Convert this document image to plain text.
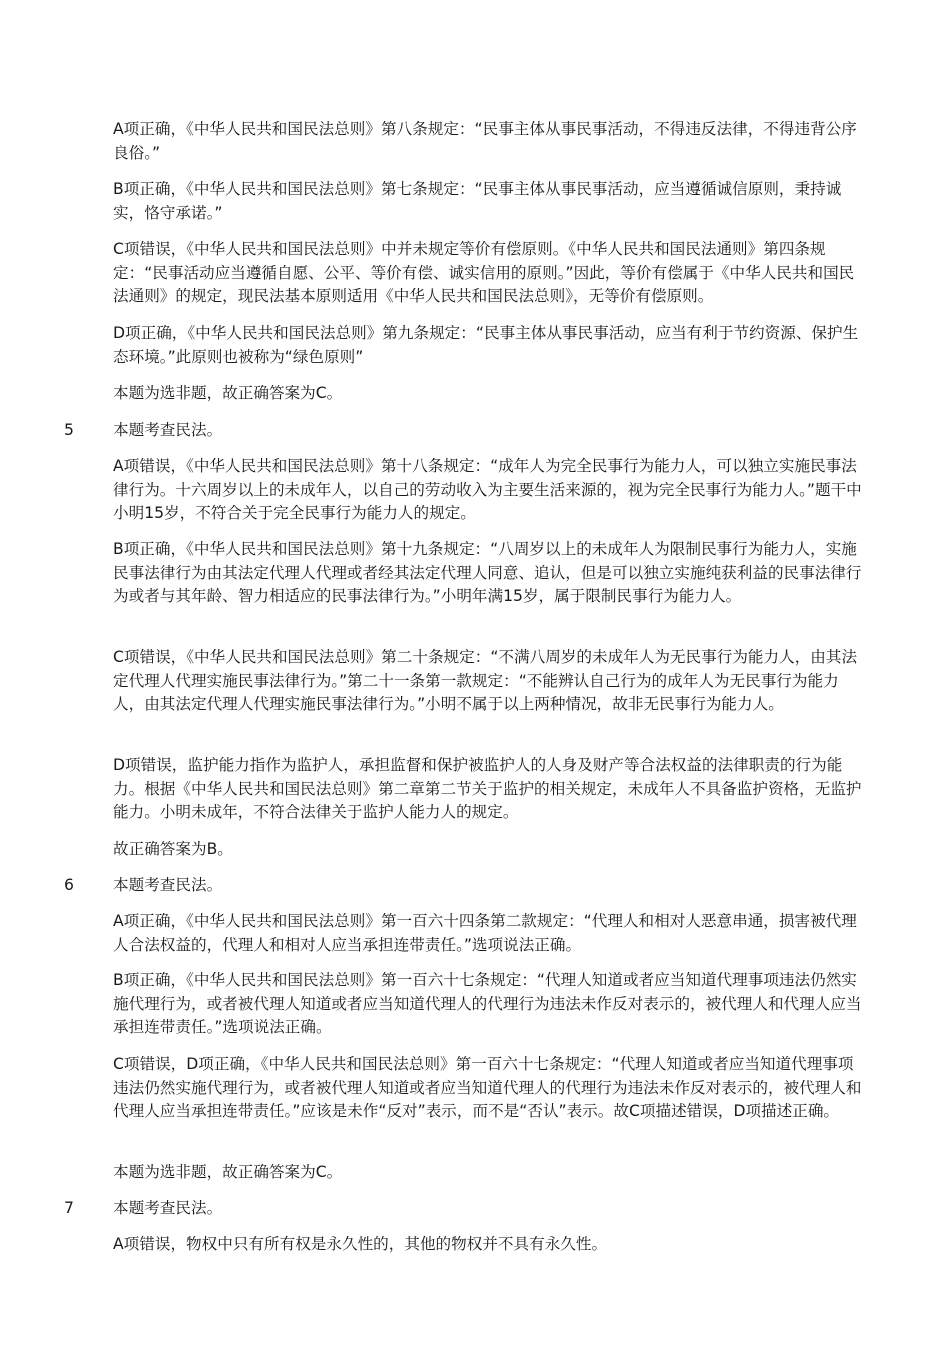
A项正确，《中华人民共和国民法总则》第八条规定：“民事主体从事民事活动，不得违反法律，不得违背公序良俗。”

B项正确，《中华人民共和国民法总则》第七条规定：“民事主体从事民事活动，应当遵循诚信原则，秉持诚实，恪守承诺。”

C项错误，《中华人民共和国民法总则》中并未规定等价有偿原则。《中华人民共和国民法通则》第四条规定：“民事活动应当遵循自愿、公平、等价有偿、诚实信用的原则。”因此，等价有偿属于《中华人民共和国民法通则》的规定，现民法基本原则适用《中华人民共和国民法总则》，无等价有偿原则。

D项正确，《中华人民共和国民法总则》第九条规定：“民事主体从事民事活动，应当有利于节约资源、保护生态环境。”此原则也被称为“绿色原则”

本题为选非题，故正确答案为C。

5	本题考查民法。

A项错误，《中华人民共和国民法总则》第十八条规定：“成年人为完全民事行为能力人，可以独立实施民事法律行为。十六周岁以上的未成年人，以自己的劳动收入为主要生活来源的，视为完全民事行为能力人。”题干中小明15岁，不符合关于完全民事行为能力人的规定。

B项正确，《中华人民共和国民法总则》第十九条规定：“八周岁以上的未成年人为限制民事行为能力人，实施民事法律行为由其法定代理人代理或者经其法定代理人同意、追认，但是可以独立实施纯获利益的民事法律行为或者与其年龄、智力相适应的民事法律行为。”小明年满15岁，属于限制民事行为能力人。

C项错误，《中华人民共和国民法总则》第二十条规定：“不满八周岁的未成年人为无民事行为能力人，由其法定代理人代理实施民事法律行为。”第二十一条第一款规定：“不能辨认自己行为的成年人为无民事行为能力人，由其法定代理人代理实施民事法律行为。”小明不属于以上两种情况，故非无民事行为能力人。

D项错误，监护能力指作为监护人，承担监督和保护被监护人的人身及财产等合法权益的法律职责的行为能力。根据《中华人民共和国民法总则》第二章第二节关于监护的相关规定，未成年人不具备监护资格，无监护能力。小明未成年，不符合法律关于监护人能力人的规定。

故正确答案为B。

6	本题考查民法。

A项正确，《中华人民共和国民法总则》第一百六十四条第二款规定：“代理人和相对人恶意串通，损害被代理人合法权益的，代理人和相对人应当承担连带责任。”选项说法正确。

B项正确，《中华人民共和国民法总则》第一百六十七条规定：“代理人知道或者应当知道代理事项违法仍然实施代理行为，或者被代理人知道或者应当知道代理人的代理行为违法未作反对表示的，被代理人和代理人应当承担连带责任。”选项说法正确。

C项错误，D项正确，《中华人民共和国民法总则》第一百六十七条规定：“代理人知道或者应当知道代理事项违法仍然实施代理行为，或者被代理人知道或者应当知道代理人的代理行为违法未作反对表示的，被代理人和代理人应当承担连带责任。”应该是未作“反对”表示，而不是“否认”表示。故C项描述错误，D项描述正确。

本题为选非题，故正确答案为C。

7	本题考查民法。

A项错误，物权中只有所有权是永久性的，其他的物权并不具有永久性。
